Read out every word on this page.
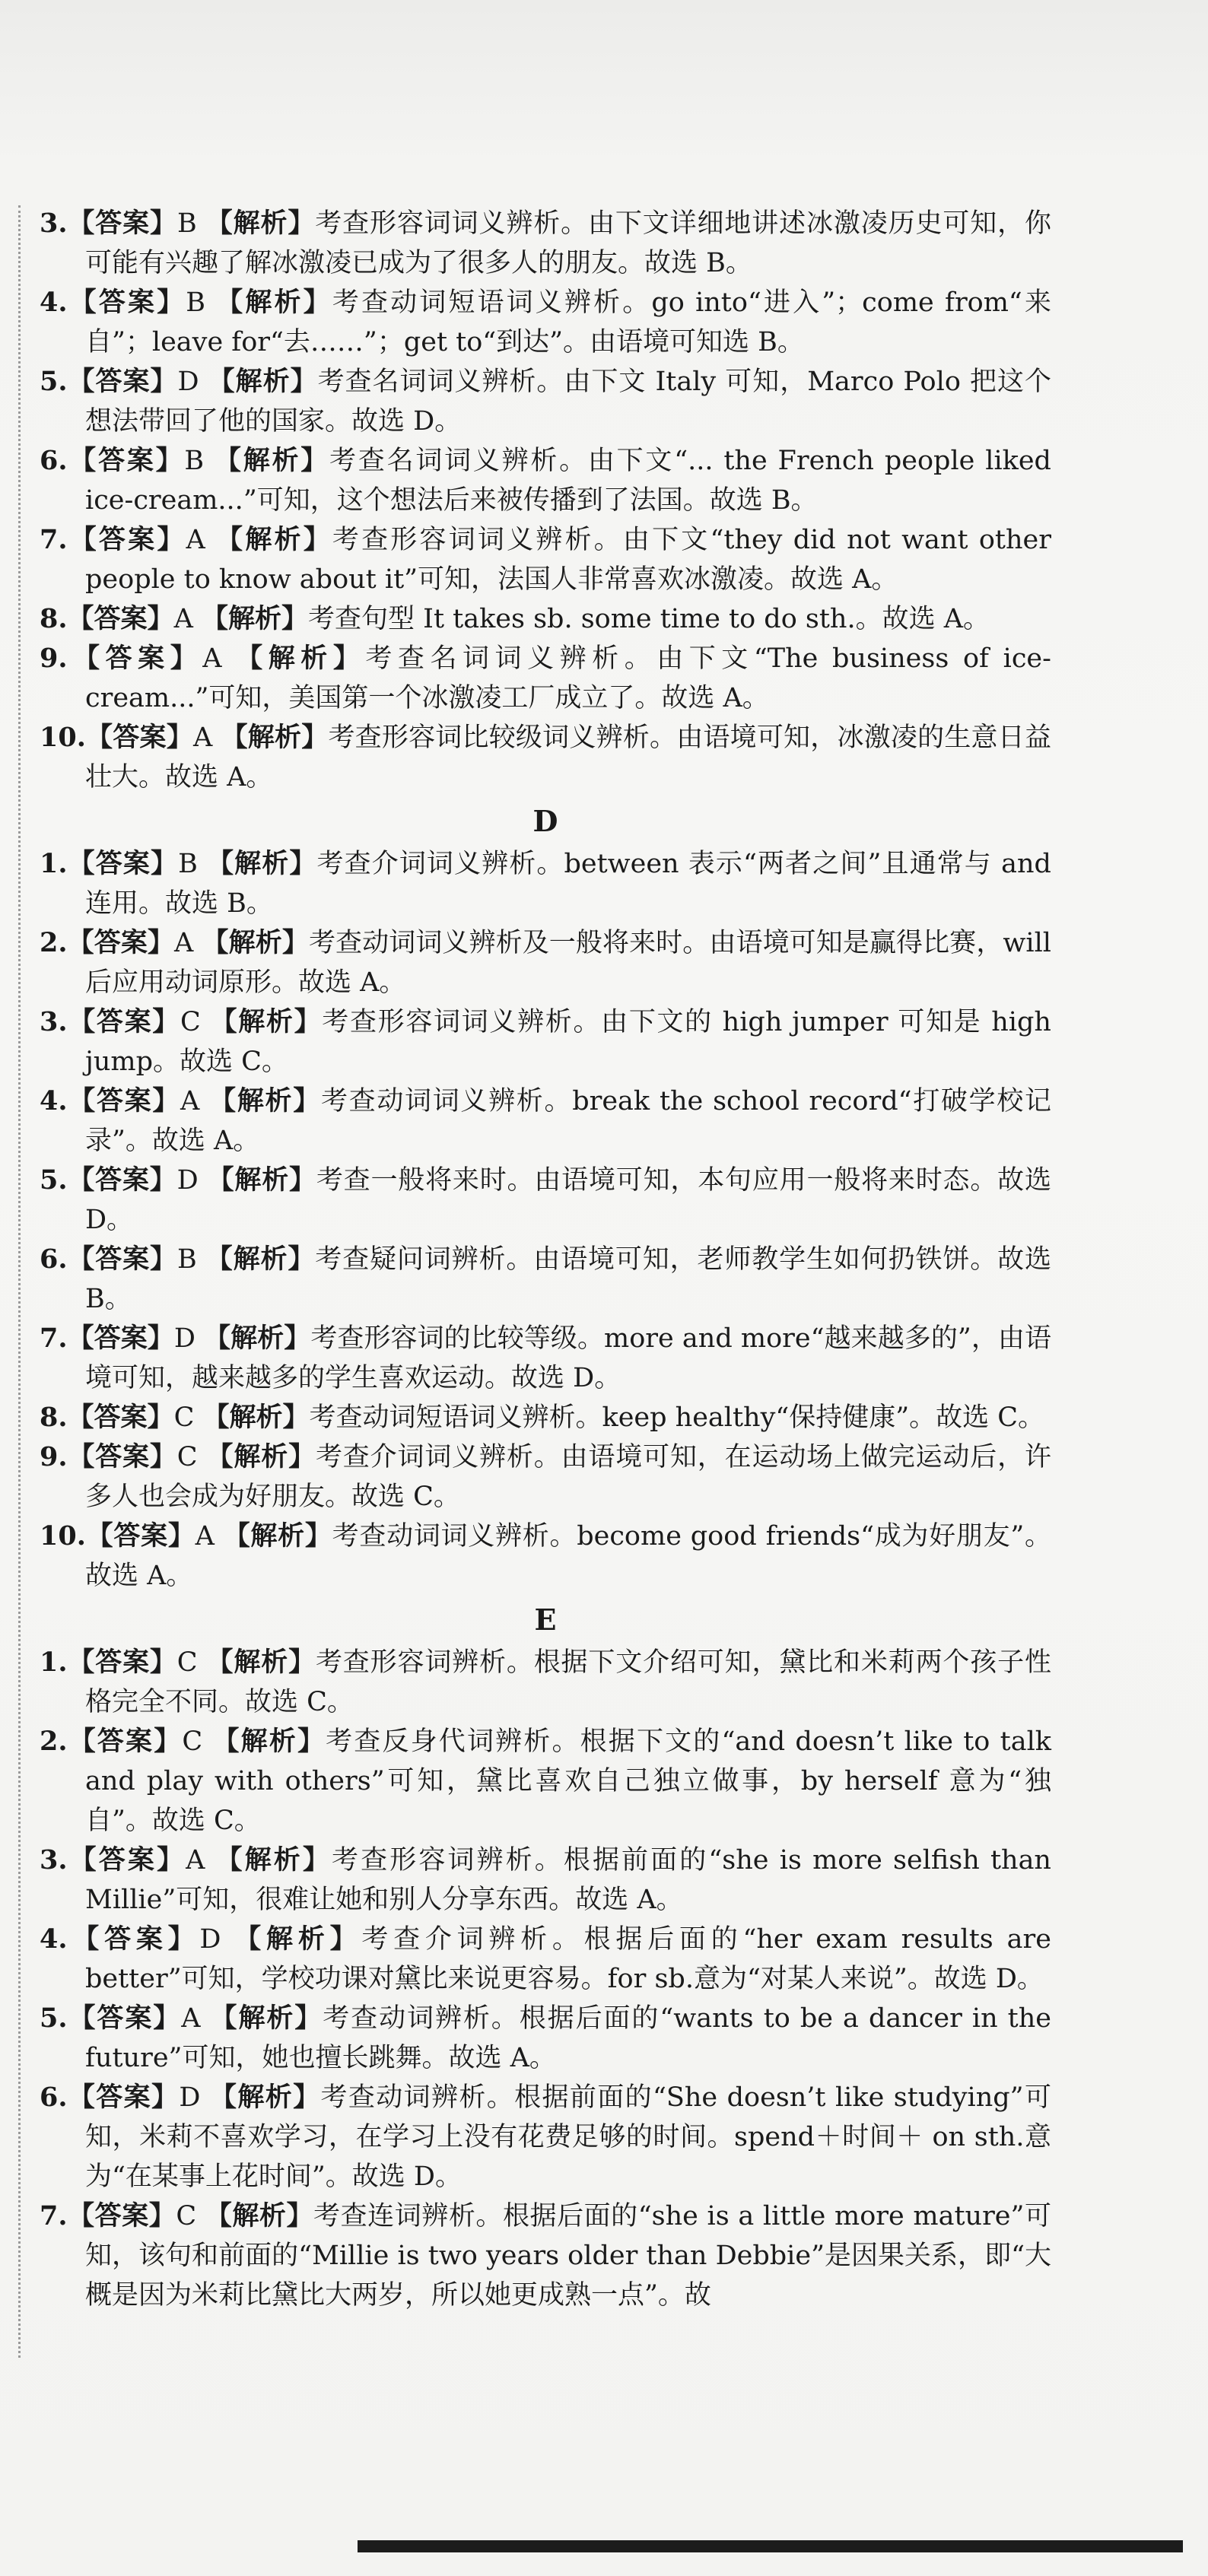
3.【答案】B 【解析】考查形容词词义辨析。由下文详细地讲述冰激凌历史可知，你可能有兴趣了解冰激凌已成为了很多人的朋友。故选 B。

4.【答案】B 【解析】考查动词短语词义辨析。go into“进入”；come from“来自”；leave for“去……”；get to“到达”。由语境可知选 B。

5.【答案】D 【解析】考查名词词义辨析。由下文 Italy 可知，Marco Polo 把这个想法带回了他的国家。故选 D。

6.【答案】B 【解析】考查名词词义辨析。由下文“... the French people liked ice-cream...”可知，这个想法后来被传播到了法国。故选 B。

7.【答案】A 【解析】考查形容词词义辨析。由下文“they did not want other people to know about it”可知，法国人非常喜欢冰激凌。故选 A。

8.【答案】A 【解析】考查句型 It takes sb. some time to do sth.。故选 A。

9.【答案】A 【解析】考查名词词义辨析。由下文“The business of ice-cream...”可知，美国第一个冰激凌工厂成立了。故选 A。

10.【答案】A 【解析】考查形容词比较级词义辨析。由语境可知，冰激凌的生意日益壮大。故选 A。

D

1.【答案】B 【解析】考查介词词义辨析。between 表示“两者之间”且通常与 and 连用。故选 B。

2.【答案】A 【解析】考查动词词义辨析及一般将来时。由语境可知是赢得比赛，will 后应用动词原形。故选 A。

3.【答案】C 【解析】考查形容词词义辨析。由下文的 high jumper 可知是 high jump。故选 C。

4.【答案】A 【解析】考查动词词义辨析。break the school record“打破学校记录”。故选 A。

5.【答案】D 【解析】考查一般将来时。由语境可知，本句应用一般将来时态。故选 D。

6.【答案】B 【解析】考查疑问词辨析。由语境可知，老师教学生如何扔铁饼。故选 B。

7.【答案】D 【解析】考查形容词的比较等级。more and more“越来越多的”，由语境可知，越来越多的学生喜欢运动。故选 D。

8.【答案】C 【解析】考查动词短语词义辨析。keep healthy“保持健康”。故选 C。

9.【答案】C 【解析】考查介词词义辨析。由语境可知，在运动场上做完运动后，许多人也会成为好朋友。故选 C。

10.【答案】A 【解析】考查动词词义辨析。become good friends“成为好朋友”。故选 A。

E

1.【答案】C 【解析】考查形容词辨析。根据下文介绍可知，黛比和米莉两个孩子性格完全不同。故选 C。

2.【答案】C 【解析】考查反身代词辨析。根据下文的“and doesn’t like to talk and play with others”可知，黛比喜欢自己独立做事，by herself 意为“独自”。故选 C。

3.【答案】A 【解析】考查形容词辨析。根据前面的“she is more selfish than Millie”可知，很难让她和别人分享东西。故选 A。

4.【答案】D 【解析】考查介词辨析。根据后面的“her exam results are better”可知，学校功课对黛比来说更容易。for sb.意为“对某人来说”。故选 D。

5.【答案】A 【解析】考查动词辨析。根据后面的“wants to be a dancer in the future”可知，她也擅长跳舞。故选 A。

6.【答案】D 【解析】考查动词辨析。根据前面的“She doesn’t like studying”可知，米莉不喜欢学习，在学习上没有花费足够的时间。spend＋时间＋ on sth.意为“在某事上花时间”。故选 D。

7.【答案】C 【解析】考查连词辨析。根据后面的“she is a little more mature”可知，该句和前面的“Millie is two years older than Debbie”是因果关系，即“大概是因为米莉比黛比大两岁，所以她更成熟一点”。故
